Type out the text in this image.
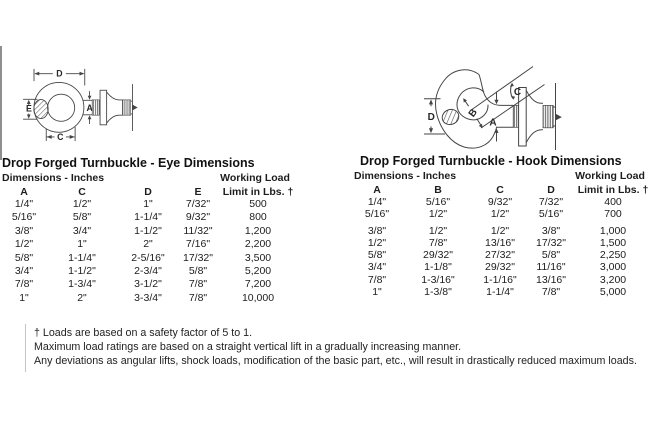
D
E	A
C
D	B
A
C
Drop Forged Turnbuckle - Eye Dimensions
Dimensions - Inches	Working Load
A	C	D	E	Limit in Lbs. †
1/4"	1/2"	1"	7/32"	500
5/16"	5/8"	1-1/4"	9/32"	800
3/8"	3/4"	1-1/2"	11/32"	1,200
1/2"	1"	2"	7/16"	2,200
5/8"	1-1/4"	2-5/16"	17/32"	3,500
3/4"	1-1/2"	2-3/4"	5/8"	5,200
7/8"	1-3/4"	3-1/2"	7/8"	7,200
1"	2"	3-3/4"	7/8"	10,000
Drop Forged Turnbuckle - Hook Dimensions
Dimensions - Inches	Working Load
A	B	C	D	Limit in Lbs. †
1/4"	5/16"	9/32"	7/32"	400
5/16"	1/2"	1/2"	5/16"	700
3/8"	1/2"	1/2"	3/8"	1,000
1/2"	7/8"	13/16"	17/32"	1,500
5/8"	29/32"	27/32"	5/8"	2,250
3/4"	1-1/8"	29/32"	11/16"	3,000
7/8"	1-3/16"	1-1/16"	13/16"	3,200
1"	1-3/8"	1-1/4"	7/8"	5,000
† Loads are based on a safety factor of 5 to 1.
Maximum load ratings are based on a straight vertical lift in a gradually increasing manner.
Any deviations as angular lifts, shock loads, modification of the basic part, etc., will result in drastically reduced maximum loads.
